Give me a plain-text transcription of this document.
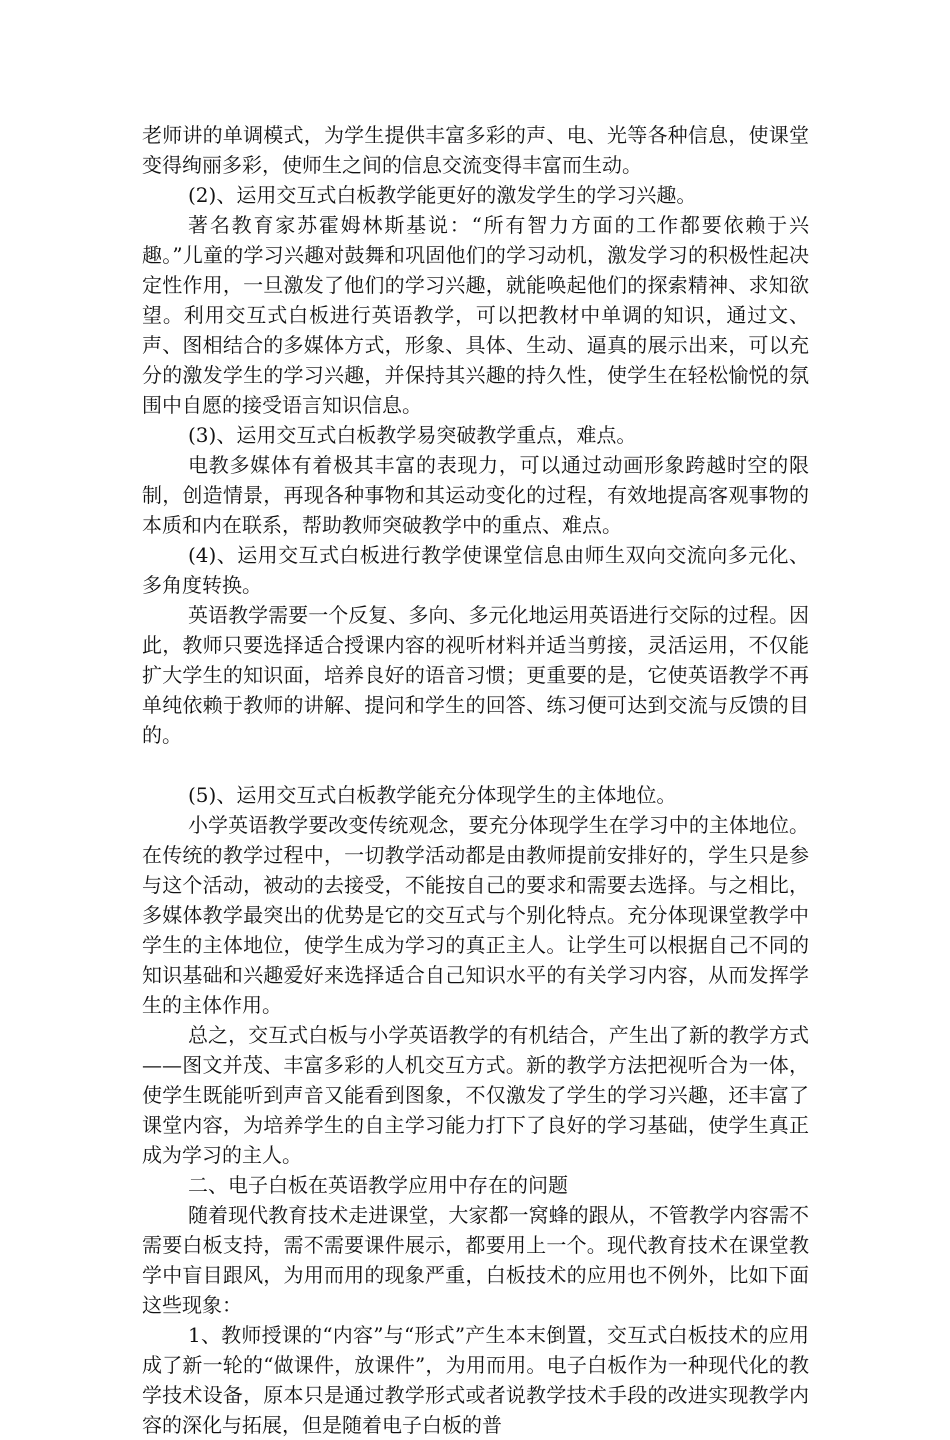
老师讲的单调模式，为学生提供丰富多彩的声、电、光等各种信息，使课堂变得绚丽多彩，使师生之间的信息交流变得丰富而生动。

(2)、运用交互式白板教学能更好的激发学生的学习兴趣。

著名教育家苏霍姆林斯基说：“所有智力方面的工作都要依赖于兴趣。”儿童的学习兴趣对鼓舞和巩固他们的学习动机，激发学习的积极性起决定性作用，一旦激发了他们的学习兴趣，就能唤起他们的探索精神、求知欲望。利用交互式白板进行英语教学，可以把教材中单调的知识，通过文、声、图相结合的多媒体方式，形象、具体、生动、逼真的展示出来，可以充分的激发学生的学习兴趣，并保持其兴趣的持久性，使学生在轻松愉悦的氛围中自愿的接受语言知识信息。

(3)、运用交互式白板教学易突破教学重点，难点。

电教多媒体有着极其丰富的表现力，可以通过动画形象跨越时空的限制，创造情景，再现各种事物和其运动变化的过程，有效地提高客观事物的本质和内在联系，帮助教师突破教学中的重点、难点。

(4)、运用交互式白板进行教学使课堂信息由师生双向交流向多元化、多角度转换。

英语教学需要一个反复、多向、多元化地运用英语进行交际的过程。因此，教师只要选择适合授课内容的视听材料并适当剪接，灵活运用，不仅能扩大学生的知识面，培养良好的语音习惯；更重要的是，它使英语教学不再单纯依赖于教师的讲解、提问和学生的回答、练习便可达到交流与反馈的目的。

(5)、运用交互式白板教学能充分体现学生的主体地位。

小学英语教学要改变传统观念，要充分体现学生在学习中的主体地位。在传统的教学过程中，一切教学活动都是由教师提前安排好的，学生只是参与这个活动，被动的去接受，不能按自己的要求和需要去选择。与之相比，多媒体教学最突出的优势是它的交互式与个别化特点。充分体现课堂教学中学生的主体地位，使学生成为学习的真正主人。让学生可以根据自己不同的知识基础和兴趣爱好来选择适合自己知识水平的有关学习内容，从而发挥学生的主体作用。

总之，交互式白板与小学英语教学的有机结合，产生出了新的教学方式——图文并茂、丰富多彩的人机交互方式。新的教学方法把视听合为一体，使学生既能听到声音又能看到图象，不仅激发了学生的学习兴趣，还丰富了课堂内容，为培养学生的自主学习能力打下了良好的学习基础，使学生真正成为学习的主人。

二、电子白板在英语教学应用中存在的问题

随着现代教育技术走进课堂，大家都一窝蜂的跟从，不管教学内容需不需要白板支持，需不需要课件展示，都要用上一个。现代教育技术在课堂教学中盲目跟风，为用而用的现象严重，白板技术的应用也不例外，比如下面这些现象：

1、教师授课的“内容”与“形式”产生本末倒置，交互式白板技术的应用成了新一轮的“做课件，放课件”，为用而用。电子白板作为一种现代化的教学技术设备，原本只是通过教学形式或者说教学技术手段的改进实现教学内容的深化与拓展，但是随着电子白板的普
